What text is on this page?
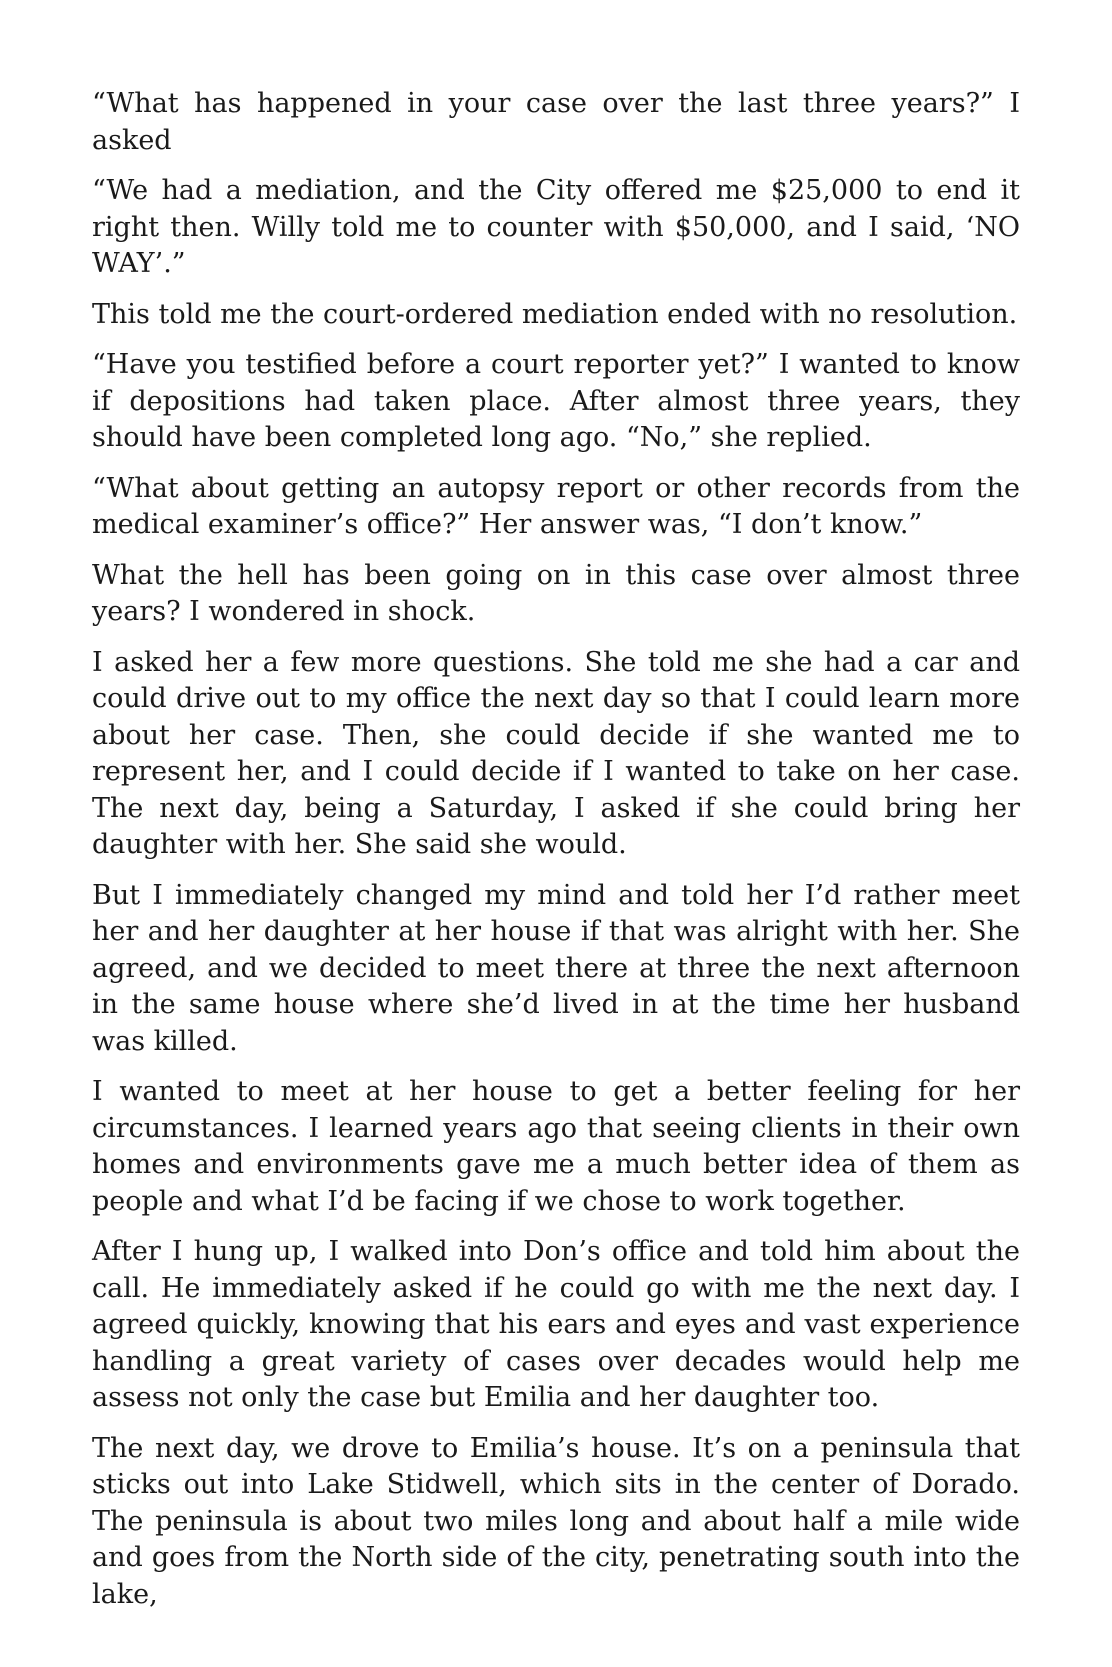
“What has happened in your case over the last three years?” I asked

“We had a mediation, and the City offered me $25,000 to end it right then. Willy told me to counter with $50,000, and I said, ‘NO WAY’.”

This told me the court-ordered mediation ended with no resolution.

“Have you testified before a court reporter yet?” I wanted to know if depositions had taken place. After almost three years, they should have been completed long ago. “No,” she replied.

“What about getting an autopsy report or other records from the medical examiner’s office?” Her answer was, “I don’t know.”

What the hell has been going on in this case over almost three years? I wondered in shock.

I asked her a few more questions. She told me she had a car and could drive out to my office the next day so that I could learn more about her case. Then, she could decide if she wanted me to represent her, and I could decide if I wanted to take on her case. The next day, being a Saturday, I asked if she could bring her daughter with her. She said she would.

But I immediately changed my mind and told her I’d rather meet her and her daughter at her house if that was alright with her. She agreed, and we decided to meet there at three the next afternoon in the same house where she’d lived in at the time her husband was killed.

I wanted to meet at her house to get a better feeling for her circumstances. I learned years ago that seeing clients in their own homes and environments gave me a much better idea of them as people and what I’d be facing if we chose to work together.

After I hung up, I walked into Don’s office and told him about the call. He immediately asked if he could go with me the next day. I agreed quickly, knowing that his ears and eyes and vast experience handling a great variety of cases over decades would help me assess not only the case but Emilia and her daughter too.

The next day, we drove to Emilia’s house. It’s on a peninsula that sticks out into Lake Stidwell, which sits in the center of Dorado. The peninsula is about two miles long and about half a mile wide and goes from the North side of the city, penetrating south into the lake,
